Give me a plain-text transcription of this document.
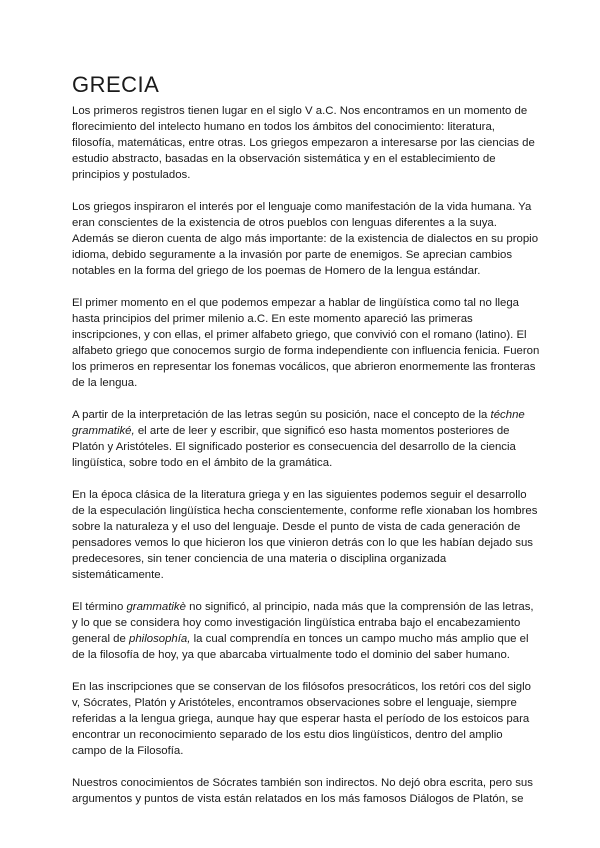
GRECIA

Los primeros registros tienen lugar en el siglo V a.C. Nos encontramos en un momento de
florecimiento del intelecto humano en todos los ámbitos del conocimiento: literatura,
filosofía, matemáticas, entre otras. Los griegos empezaron a interesarse por las ciencias de
estudio abstracto, basadas en la observación sistemática y en el establecimiento de
principios y postulados.

Los griegos inspiraron el interés por el lenguaje como manifestación de la vida humana. Ya
eran conscientes de la existencia de otros pueblos con lenguas diferentes a la suya.
Además se dieron cuenta de algo más importante: de la existencia de dialectos en su propio
idioma, debido seguramente a la invasión por parte de enemigos. Se aprecian cambios
notables en la forma del griego de los poemas de Homero de la lengua estándar.

El primer momento en el que podemos empezar a hablar de lingüística como tal no llega
hasta principios del primer milenio a.C. En este momento apareció las primeras
inscripciones, y con ellas, el primer alfabeto griego, que convivió con el romano (latino). El
alfabeto griego que conocemos surgio de forma independiente con influencia fenicia. Fueron
los primeros en representar los fonemas vocálicos, que abrieron enormemente las fronteras
de la lengua.

A partir de la interpretación de las letras según su posición, nace el concepto de la téchne
grammatiké, el arte de leer y escribir, que significó eso hasta momentos posteriores de
Platón y Aristóteles. El significado posterior es consecuencia del desarrollo de la ciencia
lingüística, sobre todo en el ámbito de la gramática.

En la época clásica de la literatura griega y en las siguientes podemos seguir el desarrollo
de la especulación lingüística hecha conscientemente, conforme refle xionaban los hombres
sobre la naturaleza y el uso del lenguaje. Desde el punto de vista de cada generación de
pensadores vemos lo que hicieron los que vinieron detrás con lo que les habían dejado sus
predecesores, sin tener conciencia de una materia o disciplina organizada
sistemáticamente.

El término grammatikè no significó, al principio, nada más que la comprensión de las letras,
y lo que se considera hoy como investigación lingüística entraba bajo el encabezamiento
general de philosophía, la cual comprendía en tonces un campo mucho más amplio que el
de la filosofía de hoy, ya que abarcaba virtualmente todo el dominio del saber humano.

En las inscripciones que se conservan de los filósofos presocráticos, los retóri cos del siglo
v, Sócrates, Platón y Aristóteles, encontramos observaciones sobre el lenguaje, siempre
referidas a la lengua griega, aunque hay que esperar hasta el período de los estoicos para
encontrar un reconocimiento separado de los estu dios lingüísticos, dentro del amplio
campo de la Filosofía.

Nuestros conocimientos de Sócrates también son indirectos. No dejó obra escrita, pero sus
argumentos y puntos de vista están relatados en los más famosos Diálogos de Platón, se
